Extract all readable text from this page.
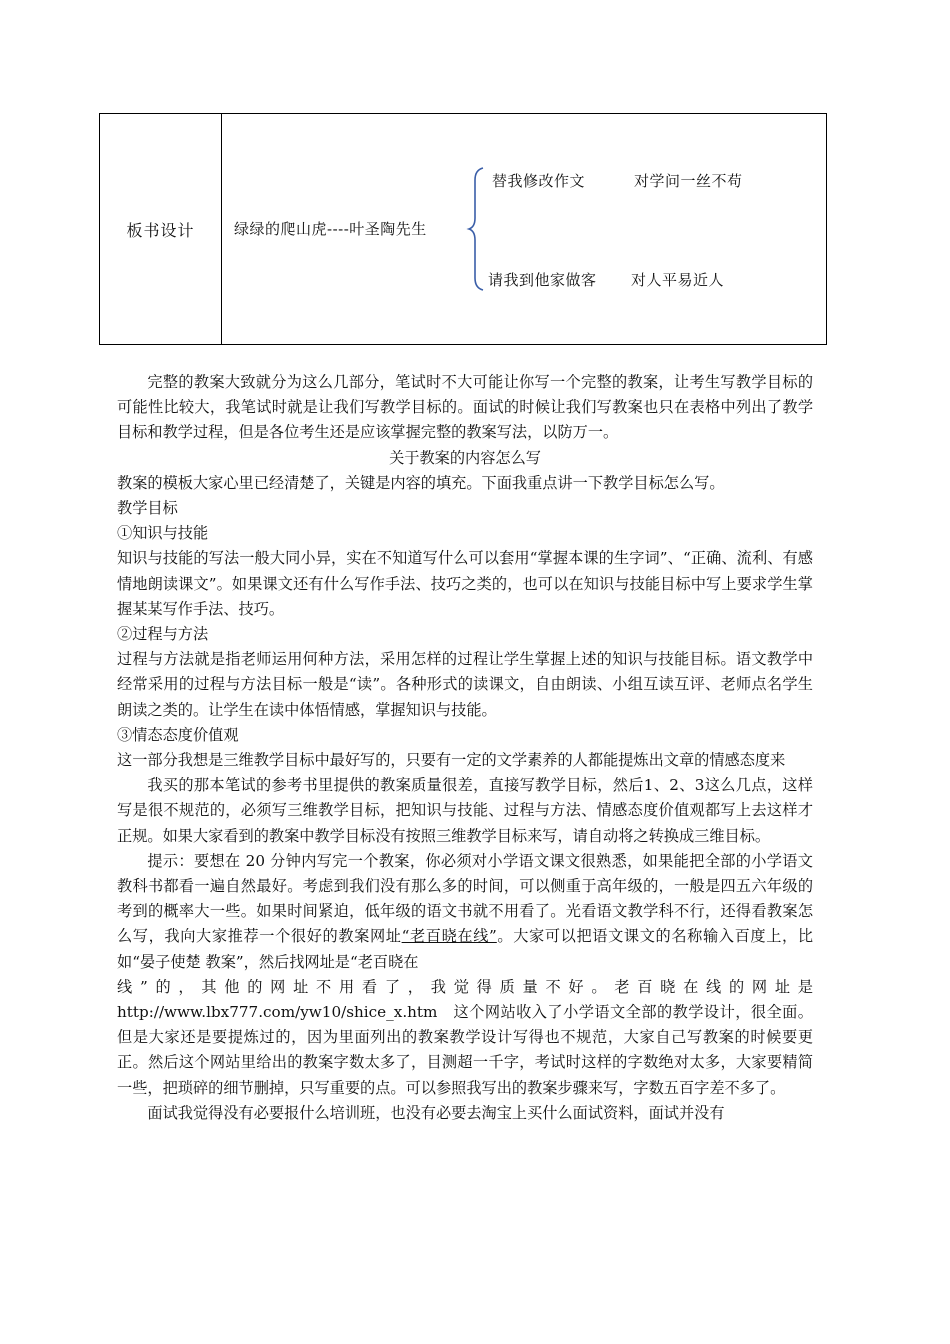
板书设计	绿绿的爬山虎----叶圣陶先生
替我修改作文	对学问一丝不苟
请我到他家做客 对人平易近人

完整的教案大致就分为这么几部分，笔试时不大可能让你写一个完整的教案，让考生写教学目标的可能性比较大，我笔试时就是让我们写教学目标的。面试的时候让我们写教案也只在表格中列出了教学目标和教学过程，但是各位考生还是应该掌握完整的教案写法，以防万一。

关于教案的内容怎么写

教案的模板大家心里已经清楚了，关键是内容的填充。下面我重点讲一下教学目标怎么写。

教学目标

①知识与技能

知识与技能的写法一般大同小异，实在不知道写什么可以套用“掌握本课的生字词”、“正确、流利、有感情地朗读课文”。如果课文还有什么写作手法、技巧之类的，也可以在知识与技能目标中写上要求学生掌握某某写作手法、技巧。

②过程与方法

过程与方法就是指老师运用何种方法，采用怎样的过程让学生掌握上述的知识与技能目标。语文教学中经常采用的过程与方法目标一般是“读”。各种形式的读课文，自由朗读、小组互读互评、老师点名学生朗读之类的。让学生在读中体悟情感，掌握知识与技能。

③情态态度价值观

这一部分我想是三维教学目标中最好写的，只要有一定的文学素养的人都能提炼出文章的情感态度来

我买的那本笔试的参考书里提供的教案质量很差，直接写教学目标，然后1、2、3这么几点，这样写是很不规范的，必须写三维教学目标，把知识与技能、过程与方法、情感态度价值观都写上去这样才正规。如果大家看到的教案中教学目标没有按照三维教学目标来写，请自动将之转换成三维目标。

提示：要想在 20 分钟内写完一个教案，你必须对小学语文课文很熟悉，如果能把全部的小学语文教科书都看一遍自然最好。考虑到我们没有那么多的时间，可以侧重于高年级的，一般是四五六年级的考到的概率大一些。如果时间紧迫，低年级的语文书就不用看了。光看语文教学科不行，还得看教案怎么写，我向大家推荐一个很好的教案网址“老百晓在线”。大家可以把语文课文的名称输入百度上，比如“晏子使楚 教案”，然后找网址是“老百晓在

线”的，其他的网址不用看了，我觉得质量不好。老百晓在线的网址是

http://www.lbx777.com/yw10/shice_x.htm　这个网站收入了小学语文全部的教学设计，很全面。但是大家还是要提炼过的，因为里面列出的教案教学设计写得也不规范，大家自己写教案的时候要更正。然后这个网站里给出的教案字数太多了，目测超一千字，考试时这样的字数绝对太多，大家要精简一些，把琐碎的细节删掉，只写重要的点。可以参照我写出的教案步骤来写，字数五百字差不多了。

面试我觉得没有必要报什么培训班，也没有必要去淘宝上买什么面试资料，面试并没有
